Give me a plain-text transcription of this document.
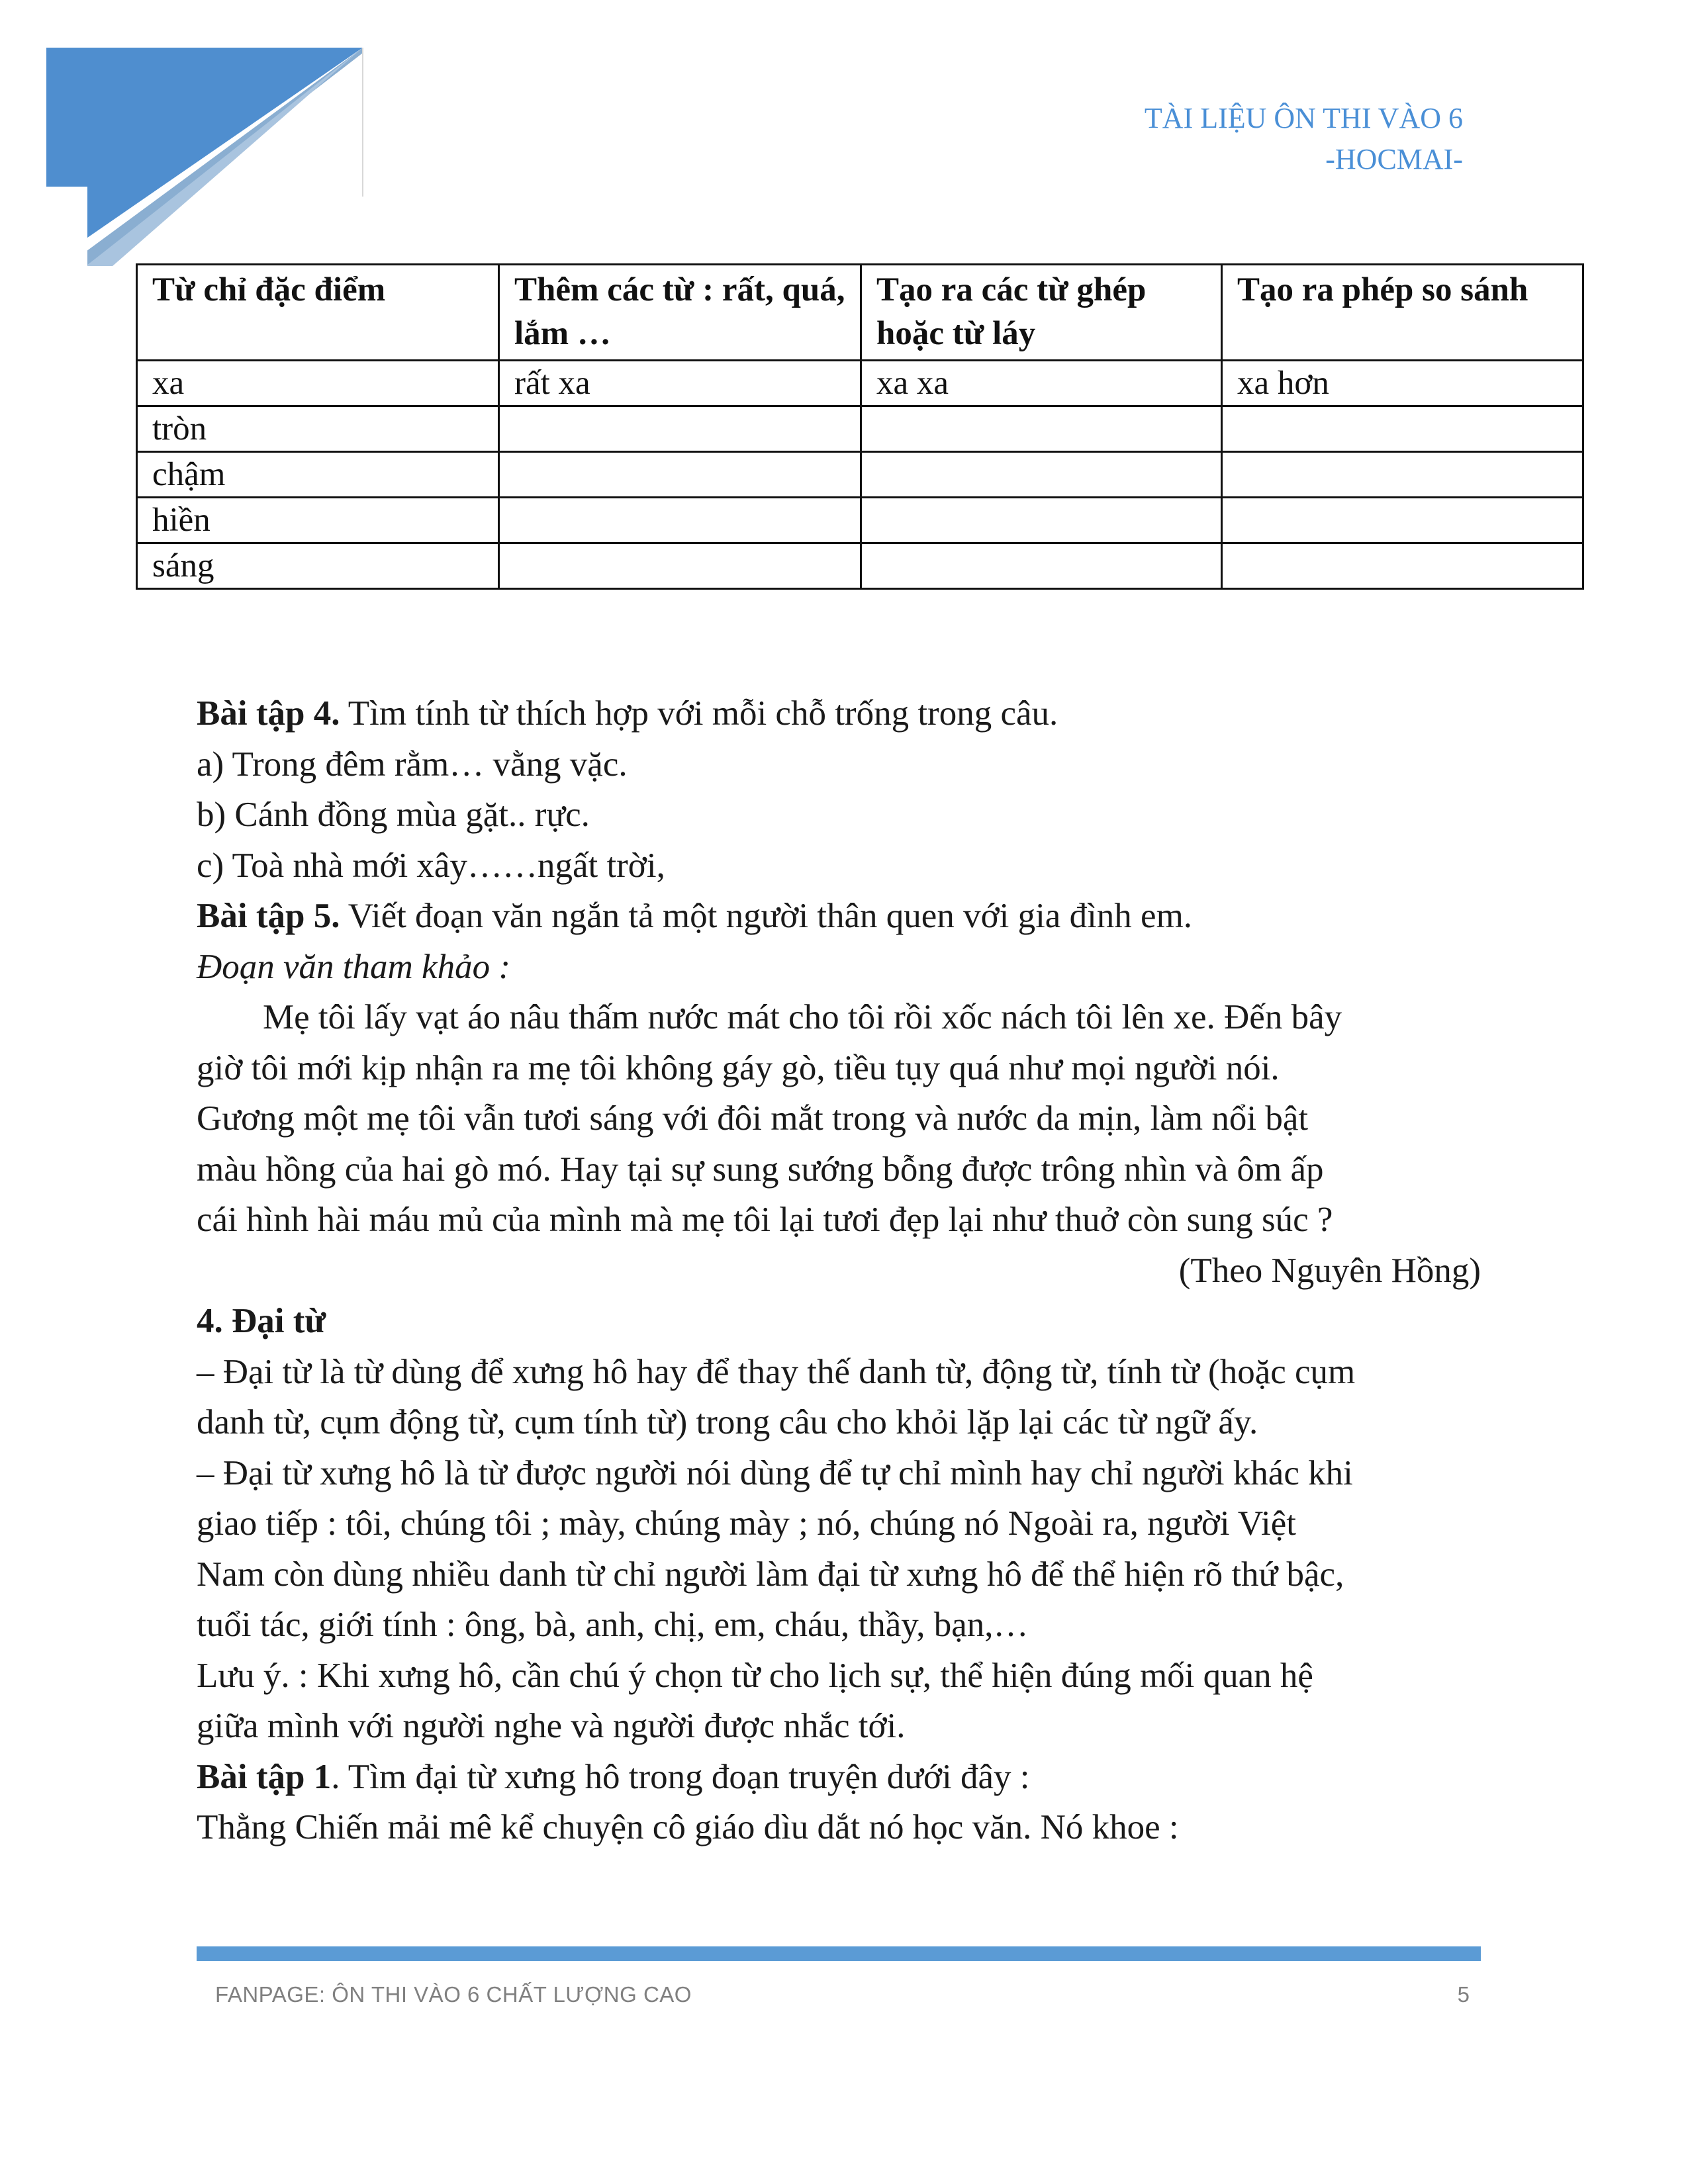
TÀI LIỆU ÔN THI VÀO 6
-HOCMAI-
Từ chỉ đặc điểm	Thêm các từ : rất, quá, lắm …	Tạo ra các từ ghép hoặc từ láy	Tạo ra phép so sánh
xa	rất xa	xa xa	xa hơn
tròn			
chậm			
hiền			
sáng			

Bài tập 4. Tìm tính từ thích hợp với mỗi chỗ trống trong câu.

a) Trong đêm rằm… vằng vặc.

b) Cánh đồng mùa gặt.. rực.

c) Toà nhà mới xây……ngất trời,

Bài tập 5. Viết đoạn văn ngắn tả một người thân quen với gia đình em.

Đoạn văn tham khảo :

Mẹ tôi lấy vạt áo nâu thấm nước mát cho tôi rồi xốc nách tôi lên xe. Đến bây

giờ tôi mới kịp nhận ra mẹ tôi không gáy gò, tiều tụy quá như mọi người nói.

Gương một mẹ tôi vẫn tươi sáng với đôi mắt trong và nước da mịn, làm nổi bật

màu hồng của hai gò mó. Hay tại sự sung sướng bỗng được trông nhìn và ôm ấp

cái hình hài máu mủ của mình mà mẹ tôi lại tươi đẹp lại như thuở còn sung súc ?

(Theo Nguyên Hồng)

4. Đại từ

– Đại từ là từ dùng để xưng hô hay để thay thế danh từ, động từ, tính từ (hoặc cụm

danh từ, cụm động từ, cụm tính từ) trong câu cho khỏi lặp lại các từ ngữ ấy.

– Đại từ xưng hô là từ được người nói dùng để tự chỉ mình hay chỉ người khác khi

giao tiếp : tôi, chúng tôi ; mày, chúng mày ; nó, chúng nó Ngoài ra, người Việt

Nam còn dùng nhiều danh từ chỉ người làm đại từ xưng hô để thể hiện rõ thứ bậc,

tuổi tác, giới tính : ông, bà, anh, chị, em, cháu, thầy, bạn,…

Lưu ý. : Khi xưng hô, cần chú ý chọn từ cho lịch sự, thể hiện đúng mối quan hệ

giữa mình với người nghe và người được nhắc tới.

Bài tập 1. Tìm đại từ xưng hô trong đoạn truyện dưới đây :

Thằng Chiến mải mê kể chuyện cô giáo dìu dắt nó học văn. Nó khoe :

FANPAGE: ÔN THI VÀO 6 CHẤT LƯỢNG CAO	5
